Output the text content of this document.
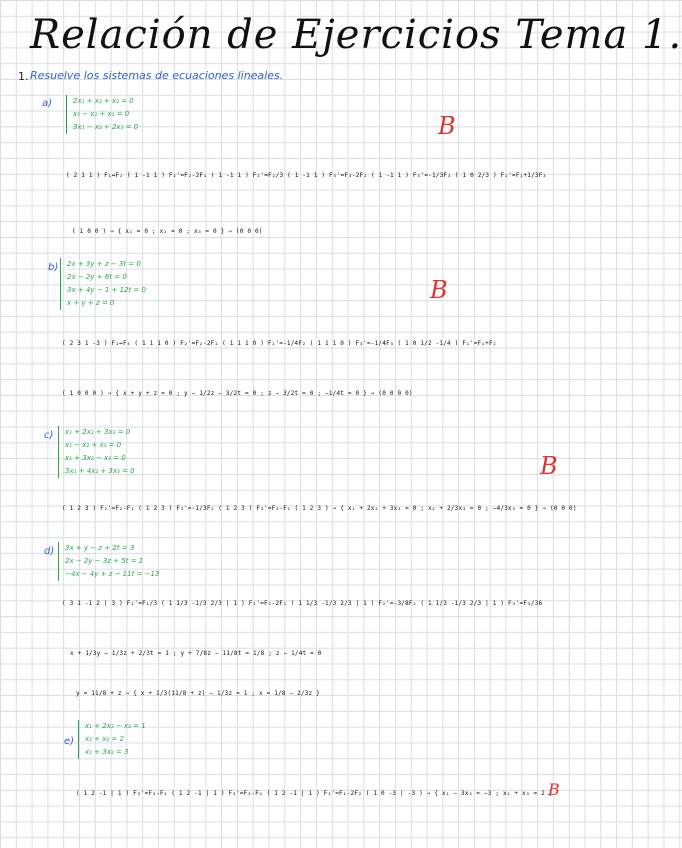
Relación de Ejercicios Tema 1.
1. Resuelve los sistemas de ecuaciones lineales.
a)	2x₁ + x₂ + x₃ = 0
x₁ − x₂ + x₃ = 0
3x₁ − x₂ + 2x₃ = 0	B
( 2 1 1 ) F₁↔F₂ ( 1 -1 1 ) F₂'=F₂-2F₁ ( 1 -1 1 ) F₂'=F₂/3 ( 1 -1 1 ) F₃'=F₃-2F₂ ( 1 -1 1 ) F₃'=-1/3F₃ ( 1 0 2/3 ) F₁'=F₁+1/3F₃
( 1 0 0 ) ⇒ { x₁ = 0 ; x₂ = 0 ; x₃ = 0 } ⇒ (0 0 0)
b) 2x + 3y + z − 3t = 0
2x − 2y + 6t = 0
3x + 4y − 1 + 12t = 0
x + y + z = 0	B
( 2 3 1 -3 ) F₁↔F₄ ( 1 1 1 0 ) F₂'=F₂-2F₁ ( 1 1 1 0 ) F₂'=-1/4F₂ ( 1 1 1 0 ) F₃'=-1/4F₃ ( 1 0 1/2 -1/4 ) F₁'=F₁+F₂
( 1 0 0 0 ) ⇒ { x + y + z = 0 ; y − 1/2z − 3/2t = 0 ; z − 3/2t = 0 ; −1/4t = 0 } ⇒ (0 0 0 0)
c) x₁ + 2x₂ + 3x₃ = 0
x₁ − x₂ + x₃ = 0
x₁ + 3x₂ − x₃ = 0
3x₁ + 4x₂ + 3x₃ = 0	B
( 1 2 3 ) F₂'=F₂-F₁ ( 1 2 3 ) F₃'=-1/3F₂ ( 1 2 3 ) F₃'=F₃-F₂ ( 1 2 3 ) ⇒ { x₁ + 2x₂ + 3x₃ = 0 ; x₂ + 2/3x₃ = 0 ; −4/3x₃ = 0 } ⇒ (0 0 0)
d) 3x + y − z + 2t = 3
2x − 2y − 3z + 5t = 1
−4x − 4y + z − 11t = −13
( 3 1 -1 2 | 3 ) F₁'=F₁/3 ( 1 1/3 -1/3 2/3 | 1 ) F₂'=F₂-2F₁ ( 1 1/3 -1/3 2/3 | 1 ) F₂'=-3/8F₂ ( 1 1/3 -1/3 2/3 | 1 ) F₃'=F₃/36
x + 1/3y − 1/3z + 2/3t = 1 ; y + 7/8z − 11/8t = 1/8 ; z − 1/4t = 0
y = 11/8 + z ⇒ { x + 1/3(11/8 + z) − 1/3z = 1 ; x = 1/8 − 2/3z }
e)
x₁ + 2x₂ − x₃ = 1
x₂ + x₃ = 2
x₁ + 3x₂ = 3
( 1 2 -1 | 1 ) F₃'=F₃-F₁ ( 1 2 -1 | 1 ) F₃'=F₃-F₂ ( 1 2 -1 | 1 ) F₁'=F₁-2F₂ ( 1 0 -3 | -3 ) ⇒ { x₁ − 3x₃ = −3 ; x₂ + x₃ = 2 }
B
